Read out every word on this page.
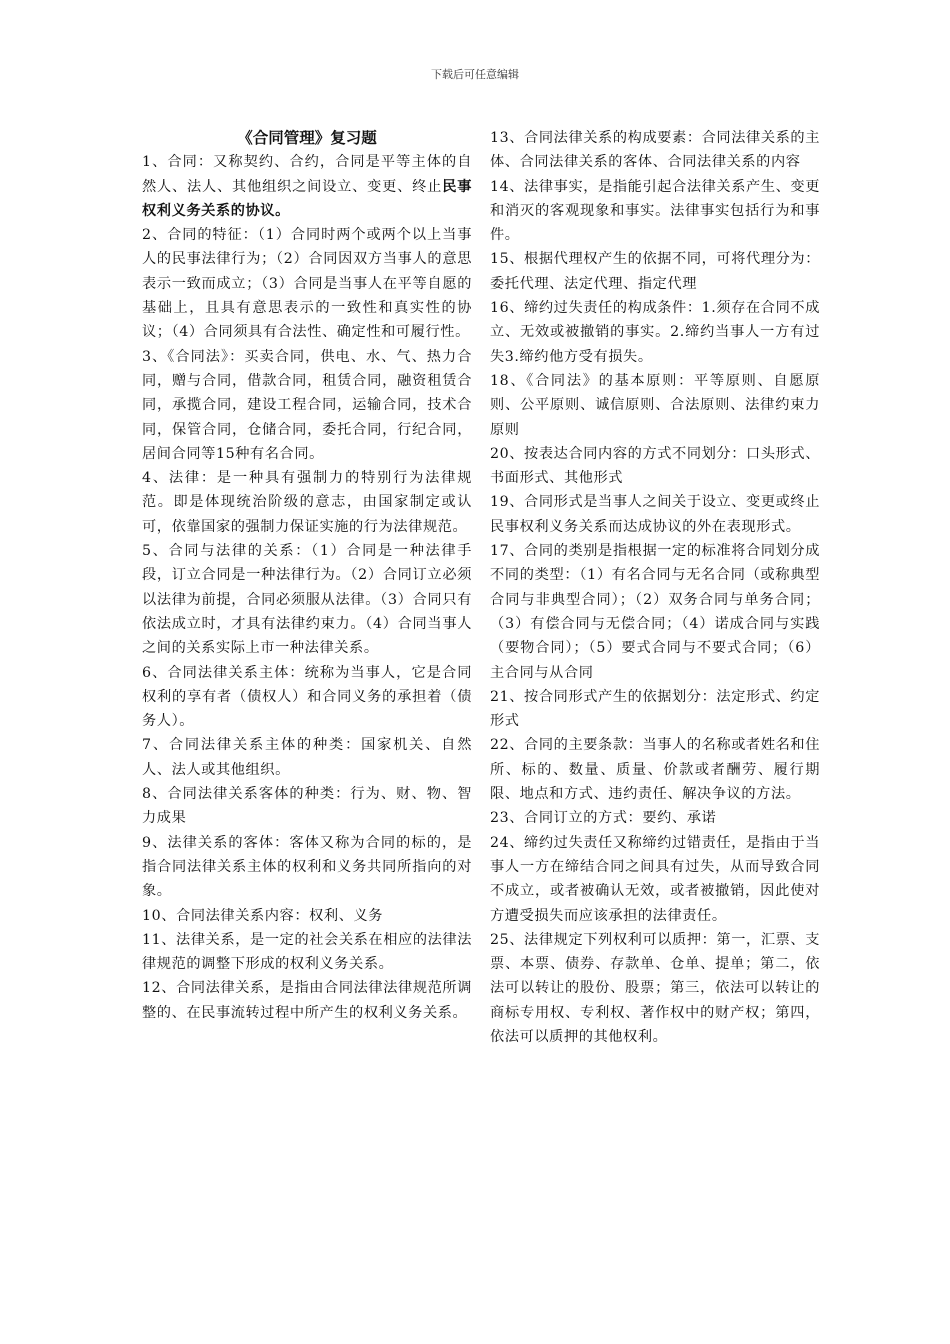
下载后可任意编辑
《合同管理》复习题
1、合同：又称契约、合约，合同是平等主体的自然人、法人、其他组织之间设立、变更、终止民事权利义务关系的协议。
2、合同的特征：（1）合同时两个或两个以上当事人的民事法律行为；（2）合同因双方当事人的意思表示一致而成立；（3）合同是当事人在平等自愿的基础上，且具有意思表示的一致性和真实性的协议；（4）合同须具有合法性、确定性和可履行性。
3、《合同法》：买卖合同，供电、水、气、热力合同，赠与合同，借款合同，租赁合同，融资租赁合同，承揽合同，建设工程合同，运输合同，技术合同，保管合同，仓储合同，委托合同，行纪合同，居间合同等15种有名合同。
4、法律：是一种具有强制力的特别行为法律规范。即是体现统治阶级的意志，由国家制定或认可，依靠国家的强制力保证实施的行为法律规范。
5、合同与法律的关系：（1）合同是一种法律手段，订立合同是一种法律行为。（2）合同订立必须以法律为前提，合同必须服从法律。（3）合同只有依法成立时，才具有法律约束力。（4）合同当事人之间的关系实际上市一种法律关系。
6、合同法律关系主体：统称为当事人，它是合同权利的享有者（债权人）和合同义务的承担着（债务人）。
7、合同法律关系主体的种类：国家机关、自然人、法人或其他组织。
8、合同法律关系客体的种类：行为、财、物、智力成果
9、法律关系的客体：客体又称为合同的标的，是指合同法律关系主体的权利和义务共同所指向的对象。
10、合同法律关系内容：权利、义务
11、法律关系，是一定的社会关系在相应的法律法律规范的调整下形成的权利义务关系。
12、合同法律关系，是指由合同法律法律规范所调整的、在民事流转过程中所产生的权利义务关系。
13、合同法律关系的构成要素：合同法律关系的主体、合同法律关系的客体、合同法律关系的内容
14、法律事实，是指能引起合法律关系产生、变更和消灭的客观现象和事实。法律事实包括行为和事件。
15、根据代理权产生的依据不同，可将代理分为：委托代理、法定代理、指定代理
16、缔约过失责任的构成条件：1.须存在合同不成立、无效或被撤销的事实。2.缔约当事人一方有过失3.缔约他方受有损失。
18、《合同法》的基本原则：平等原则、自愿原则、公平原则、诚信原则、合法原则、法律约束力原则
20、按表达合同内容的方式不同划分：口头形式、书面形式、其他形式
19、合同形式是当事人之间关于设立、变更或终止民事权利义务关系而达成协议的外在表现形式。
17、合同的类别是指根据一定的标准将合同划分成不同的类型：（1）有名合同与无名合同（或称典型合同与非典型合同）；（2）双务合同与单务合同；（3）有偿合同与无偿合同；（4）诺成合同与实践（要物合同）；（5）要式合同与不要式合同；（6）主合同与从合同
21、按合同形式产生的依据划分：法定形式、约定形式
22、合同的主要条款：当事人的名称或者姓名和住所、标的、数量、质量、价款或者酬劳、履行期限、地点和方式、违约责任、解决争议的方法。
23、合同订立的方式：要约、承诺
24、缔约过失责任又称缔约过错责任，是指由于当事人一方在缔结合同之间具有过失，从而导致合同不成立，或者被确认无效，或者被撤销，因此使对方遭受损失而应该承担的法律责任。
25、法律规定下列权利可以质押：第一，汇票、支票、本票、债券、存款单、仓单、提单；第二，依法可以转让的股份、股票；第三，依法可以转让的商标专用权、专利权、著作权中的财产权；第四，依法可以质押的其他权利。
